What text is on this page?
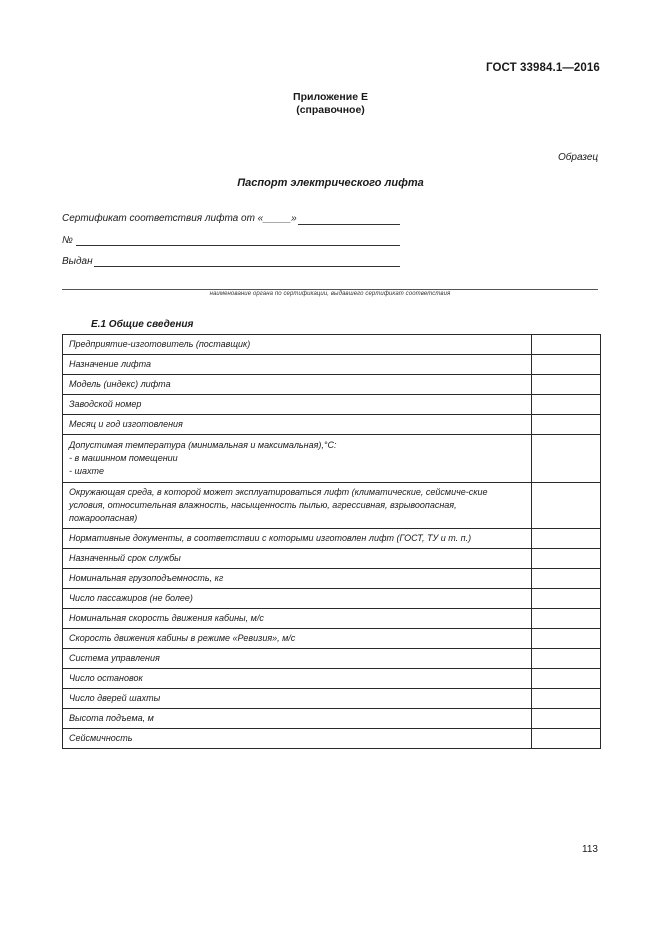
ГОСТ 33984.1—2016
Приложение Е
(справочное)
Образец
Паспорт электрического лифта
Сертификат соответствия лифта от «_____»
№
Выдан
наименование органа по сертификации, выдавшего сертификат соответствия
Е.1 Общие сведения
Предприятие-изготовитель (поставщик)	
Назначение лифта	
Модель (индекс) лифта	
Заводской номер	
Месяц и год изготовления	

Допустимая температура (минимальная и максимальная),°С:
- в машинном помещении
- шахте	

Окружающая среда, в которой может эксплуатироваться лифт (климатические, сейсмиче-ские условия, относительная влажность, насыщенность пылью, агрессивная, взрывоопасная, пожароопасная)	
Нормативные документы, в соответствии с которыми изготовлен лифт (ГОСТ, ТУ и т. п.)	
Назначенный срок службы	
Номинальная грузоподъемность, кг	
Число пассажиров (не более)	
Номинальная скорость движения кабины, м/с	
Скорость движения кабины в режиме «Ревизия», м/с	
Система управления	
Число остановок	
Число дверей шахты	
Высота подъема, м	
Сейсмичность	
113
